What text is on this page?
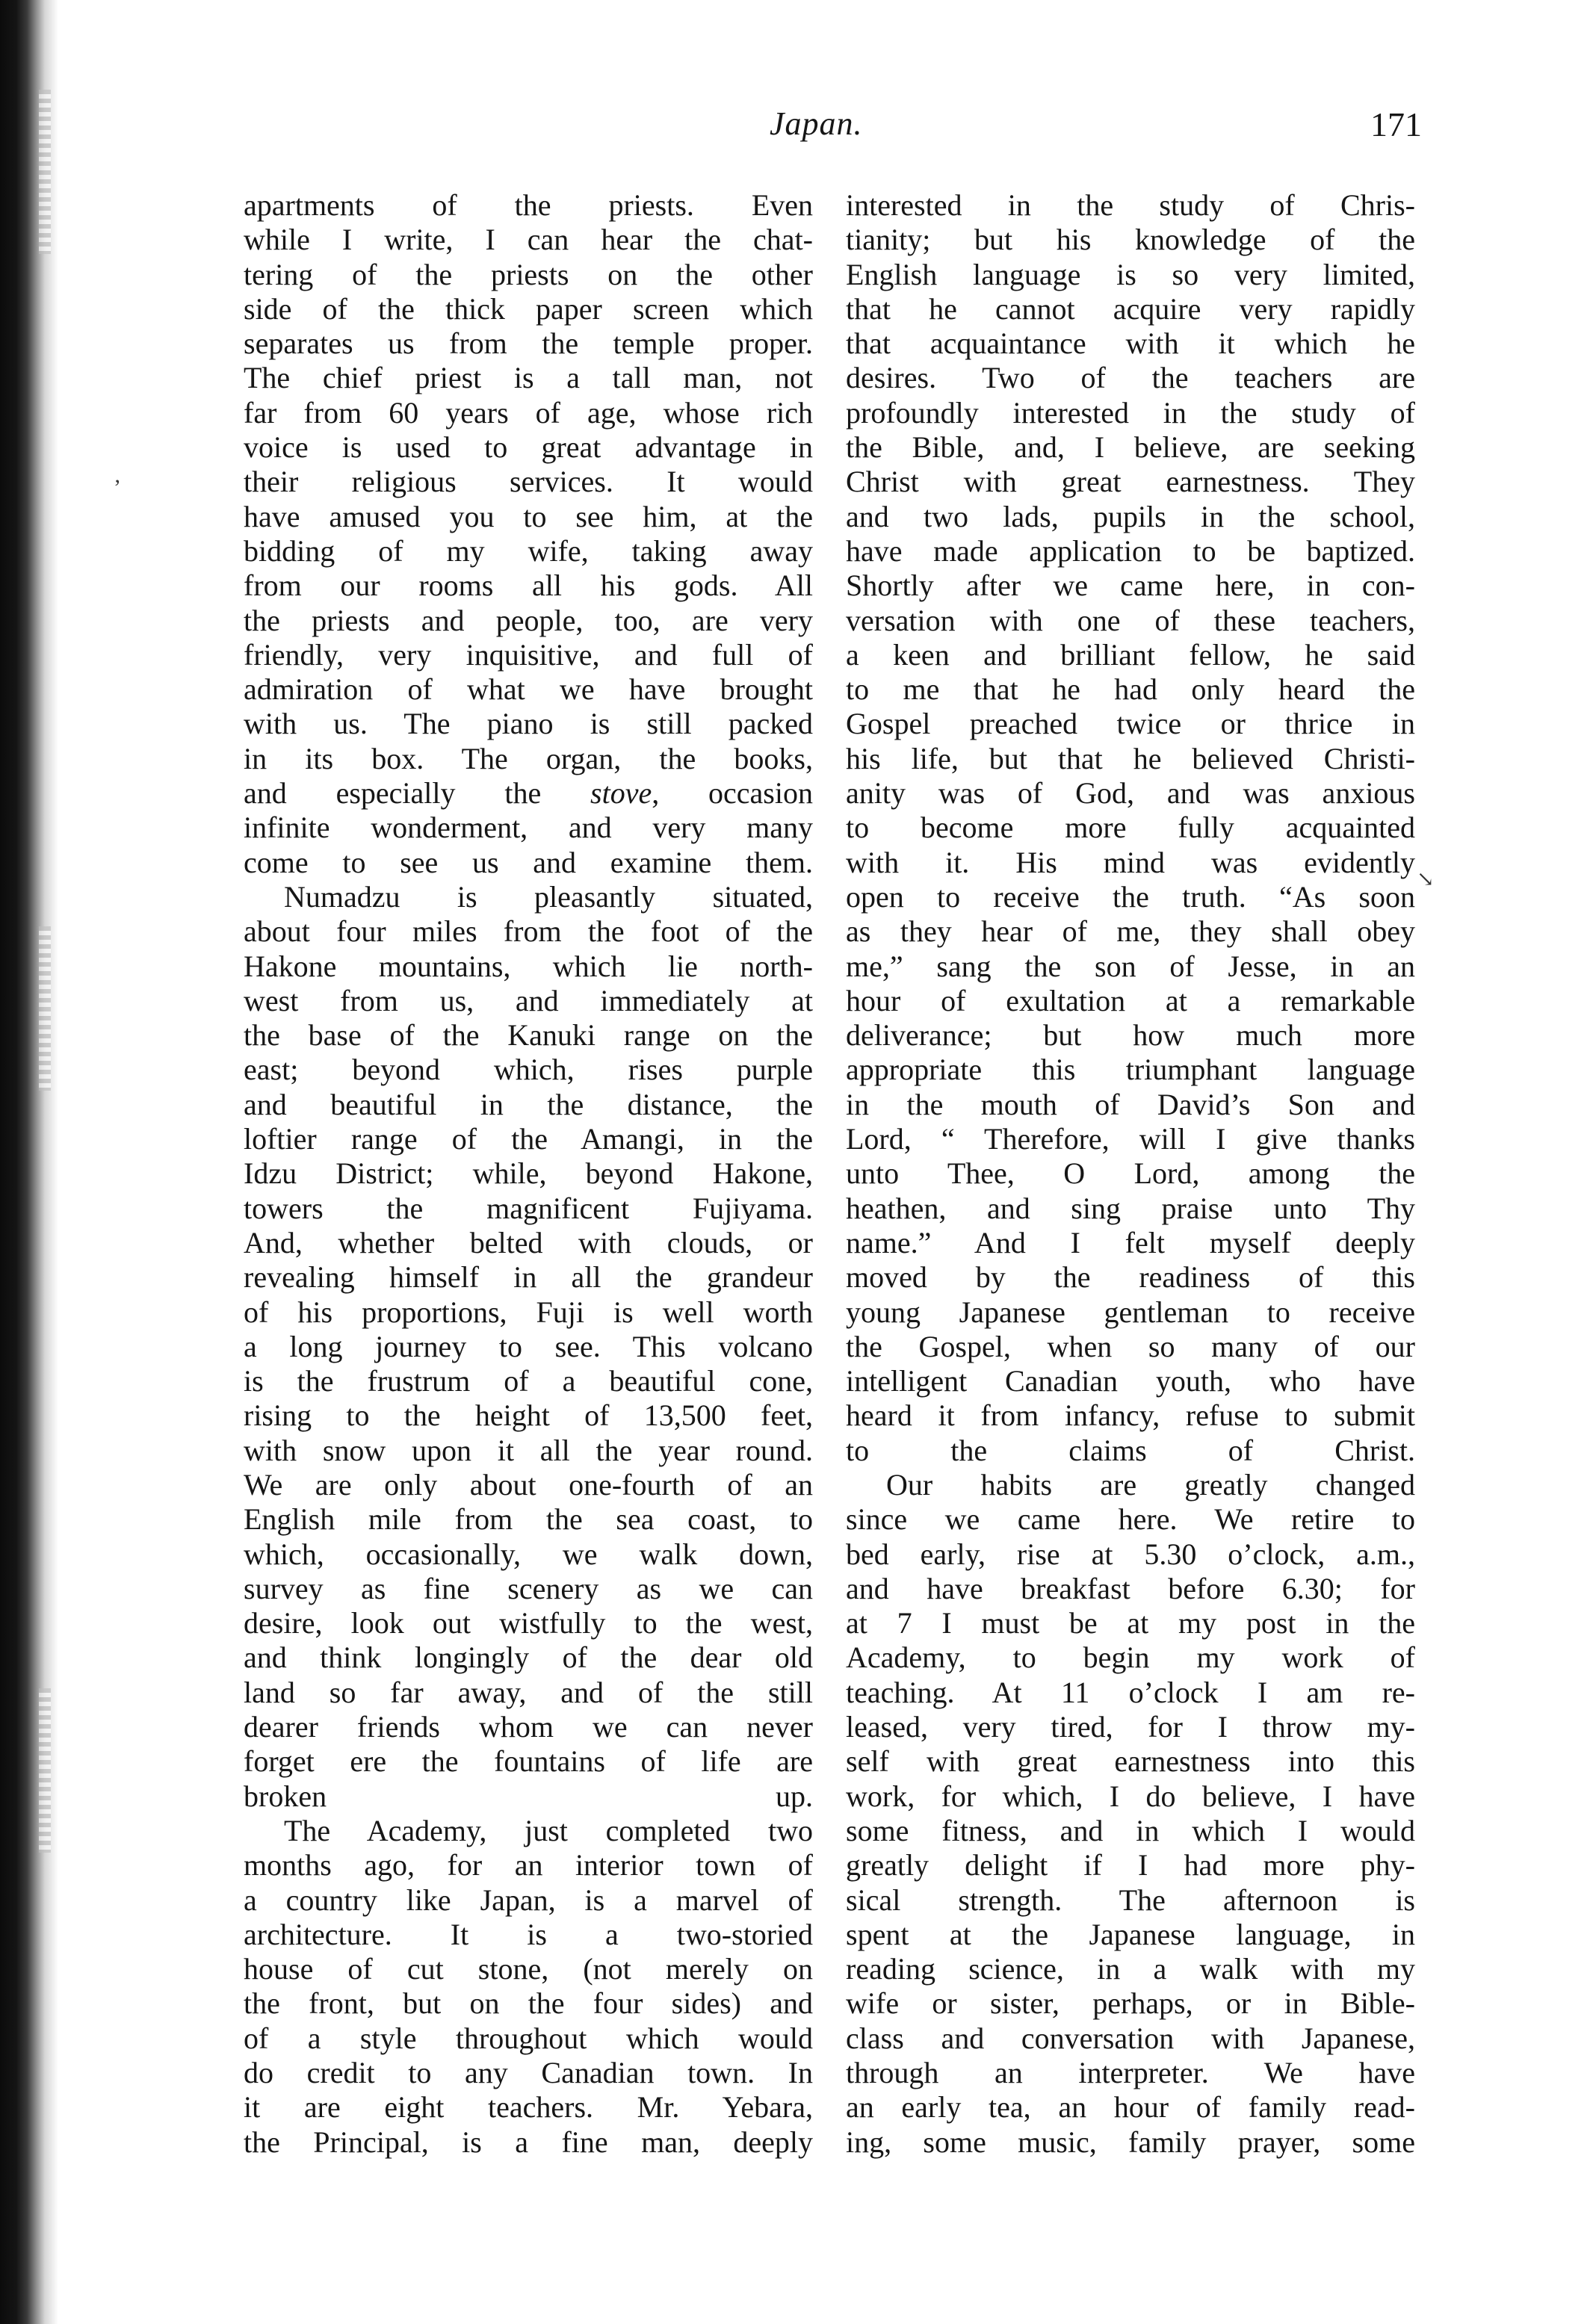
Japan.	171
’
↘

apartments of the priests. Even
while I write, I can hear the chat-
tering of the priests on the other
side of the thick paper screen which
separates us from the temple proper.
The chief priest is a tall man, not
far from 60 years of age, whose rich
voice is used to great advantage in
their religious services. It would
have amused you to see him, at the
bidding of my wife, taking away
from our rooms all his gods. All
the priests and people, too, are very
friendly, very inquisitive, and full of
admiration of what we have brought
with us. The piano is still packed
in its box. The organ, the books,
and especially the stove, occasion
infinite wonderment, and very many
come to see us and examine them.

Numadzu is pleasantly situated,
about four miles from the foot of the
Hakone mountains, which lie north-
west from us, and immediately at
the base of the Kanuki range on the
east; beyond which, rises purple
and beautiful in the distance, the
loftier range of the Amangi, in the
Idzu District; while, beyond Hakone,
towers the magnificent Fujiyama.
And, whether belted with clouds, or
revealing himself in all the grandeur
of his proportions, Fuji is well worth
a long journey to see. This volcano
is the frustrum of a beautiful cone,
rising to the height of 13,500 feet,
with snow upon it all the year round.
We are only about one-fourth of an
English mile from the sea coast, to
which, occasionally, we walk down,
survey as fine scenery as we can
desire, look out wistfully to the west,
and think longingly of the dear old
land so far away, and of the still
dearer friends whom we can never
forget ere the fountains of life are
broken up.

The Academy, just completed two
months ago, for an interior town of
a country like Japan, is a marvel of
architecture. It is a two-storied
house of cut stone, (not merely on
the front, but on the four sides) and
of a style throughout which would
do credit to any Canadian town. In
it are eight teachers. Mr. Yebara,
the Principal, is a fine man, deeply

interested in the study of Chris-
tianity; but his knowledge of the
English language is so very limited,
that he cannot acquire very rapidly
that acquaintance with it which he
desires. Two of the teachers are
profoundly interested in the study of
the Bible, and, I believe, are seeking
Christ with great earnestness. They
and two lads, pupils in the school,
have made application to be baptized.
Shortly after we came here, in con-
versation with one of these teachers,
a keen and brilliant fellow, he said
to me that he had only heard the
Gospel preached twice or thrice in
his life, but that he believed Christi-
anity was of God, and was anxious
to become more fully acquainted
with it. His mind was evidently
open to receive the truth. “As soon
as they hear of me, they shall obey
me,” sang the son of Jesse, in an
hour of exultation at a remarkable
deliverance; but how much more
appropriate this triumphant language
in the mouth of David’s Son and
Lord, “ Therefore, will I give thanks
unto Thee, O Lord, among the
heathen, and sing praise unto Thy
name.” And I felt myself deeply
moved by the readiness of this
young Japanese gentleman to receive
the Gospel, when so many of our
intelligent Canadian youth, who have
heard it from infancy, refuse to submit
to the claims of Christ.

Our habits are greatly changed
since we came here. We retire to
bed early, rise at 5.30 o’clock, a.m.,
and have breakfast before 6.30; for
at 7 I must be at my post in the
Academy, to begin my work of
teaching. At 11 o’clock I am re-
leased, very tired, for I throw my-
self with great earnestness into this
work, for which, I do believe, I have
some fitness, and in which I would
greatly delight if I had more phy-
sical strength. The afternoon is
spent at the Japanese language, in
reading science, in a walk with my
wife or sister, perhaps, or in Bible-
class and conversation with Japanese,
through an interpreter. We have
an early tea, an hour of family read-
ing, some music, family prayer, some
